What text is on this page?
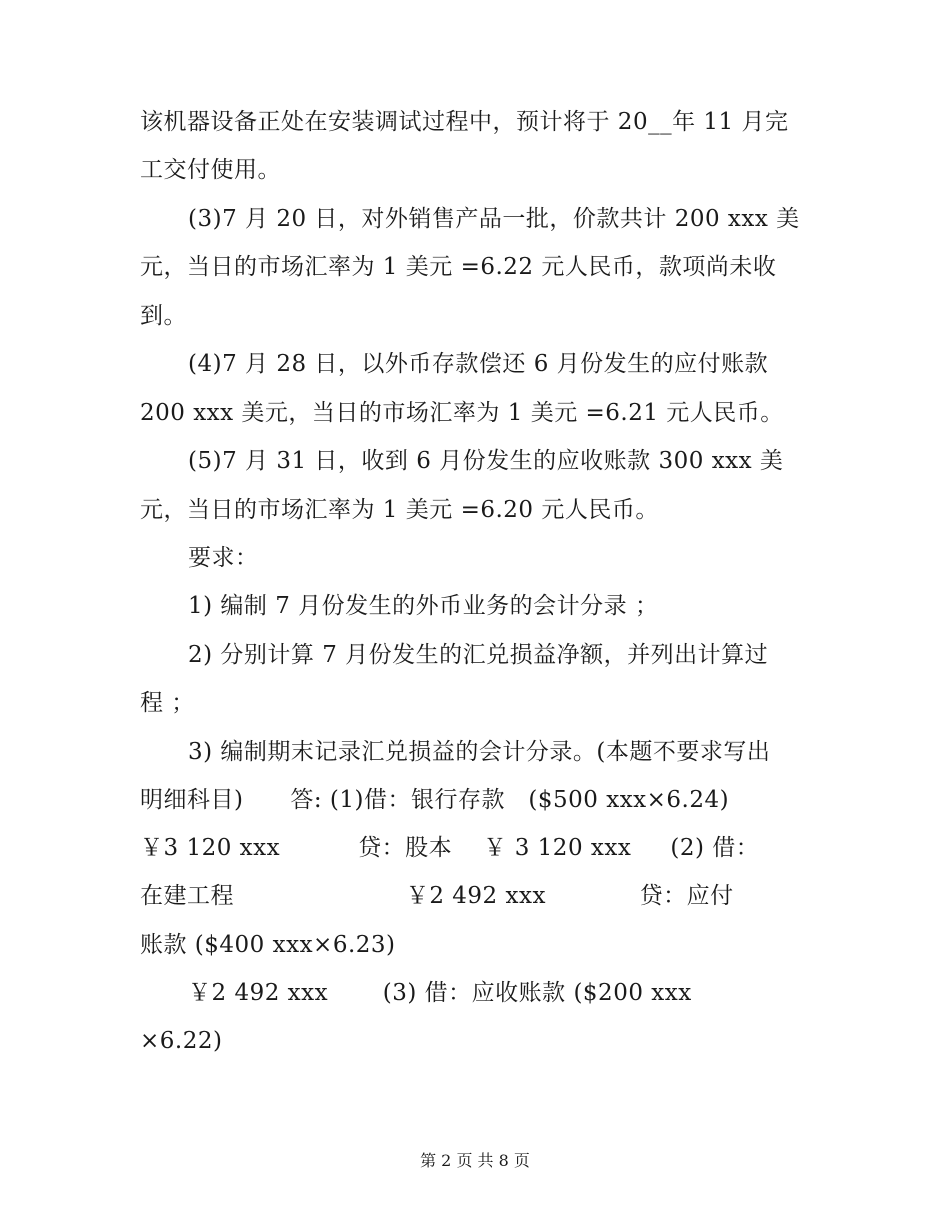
该机器设备正处在安装调试过程中，预计将于 20__年 11 月完
工交付使用。
(3)7 月 20 日，对外销售产品一批，价款共计 200 xxx 美
元，当日的市场汇率为 1 美元 =6.22 元人民币，款项尚未收
到。
(4)7 月 28 日，以外币存款偿还 6 月份发生的应付账款
200 xxx 美元，当日的市场汇率为 1 美元 =6.21 元人民币。
(5)7 月 31 日，收到 6 月份发生的应收账款 300 xxx 美
元，当日的市场汇率为 1 美元 =6.20 元人民币。
要求：
1) 编制 7 月份发生的外币业务的会计分录 ；
2) 分别计算 7 月份发生的汇兑损益净额，并列出计算过
程 ；
3) 编制期末记录汇兑损益的会计分录。(本题不要求写出
明细科目)      答: (1)借：银行存款   ($500 xxx×6.24)
￥3 120 xxx          贷：股本    ￥ 3 120 xxx     (2) 借：
在建工程                      ￥2 492 xxx            贷：应付
账款 ($400 xxx×6.23)
￥2 492 xxx       (3) 借：应收账款 ($200 xxx
×6.22)
第 2 页 共 8 页
